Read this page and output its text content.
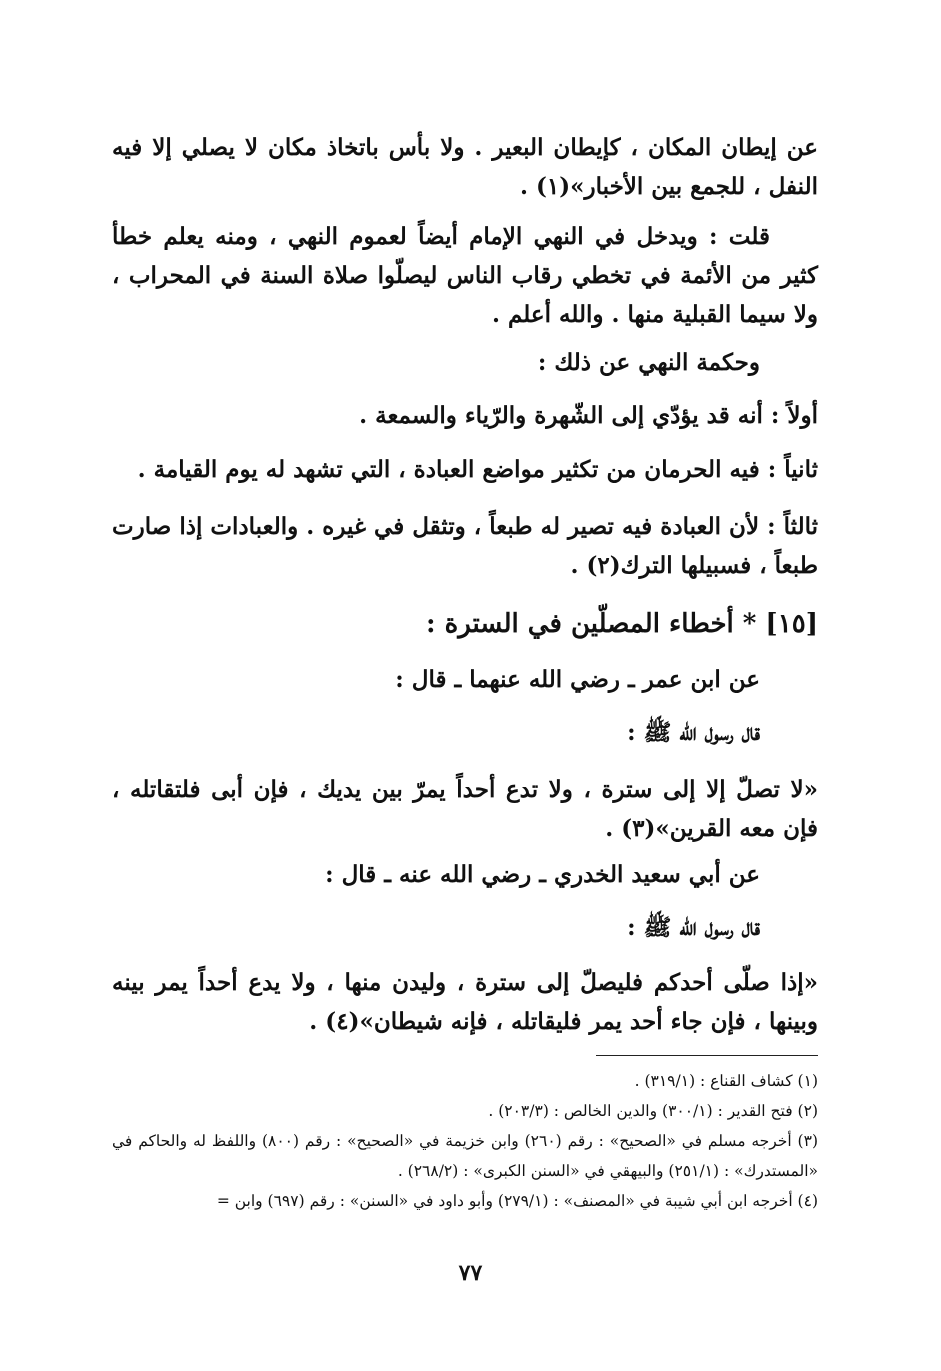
عن إيطان المكان ، كإيطان البعير . ولا بأس باتخاذ مكان لا يصلي إلا فيه النفل ، للجمع بين الأخبار»(١) .

قلت : ويدخل في النهي الإمام أيضاً لعموم النهي ، ومنه يعلم خطأ كثير من الأئمة في تخطي رقاب الناس ليصلّوا صلاة السنة في المحراب ، ولا سيما القبلية منها . والله أعلم .

وحكمة النهي عن ذلك :

أولاً : أنه قد يؤدّي إلى الشّهرة والرّياء والسمعة .

ثانياً : فيه الحرمان من تكثير مواضع العبادة ، التي تشهد له يوم القيامة .

ثالثاً : لأن العبادة فيه تصير له طبعاً ، وتثقل في غيره . والعبادات إذا صارت طبعاً ، فسبيلها الترك(٢) .

[١٥] * أخطاء المصلّين في السترة :

عن ابن عمر ـ رضي الله عنهما ـ قال :

قال رسول الله ﷺ :

«لا تصلّ إلا إلى سترة ، ولا تدع أحداً يمرّ بين يديك ، فإن أبى فلتقاتله ، فإن معه القرين»(٣) .

عن أبي سعيد الخدري ـ رضي الله عنه ـ قال :

قال رسول الله ﷺ :

«إذا صلّى أحدكم فليصلّ إلى سترة ، وليدن منها ، ولا يدع أحداً يمر بينه وبينها ، فإن جاء أحد يمر فليقاتله ، فإنه شيطان»(٤) .

(١) كشاف القناع : (٣١٩/١) .

(٢) فتح القدير : (٣٠٠/١) والدين الخالص : (٢٠٣/٣) .

(٣) أخرجه مسلم في «الصحيح» : رقم (٢٦٠) وابن خزيمة في «الصحيح» : رقم (٨٠٠) واللفظ له والحاكم في «المستدرك» : (٢٥١/١) والبيهقي في «السنن الكبرى» : (٢٦٨/٢) .

(٤) أخرجه ابن أبي شيبة في «المصنف» : (٢٧٩/١) وأبو داود في «السنن» : رقم (٦٩٧) وابن =

٧٧
